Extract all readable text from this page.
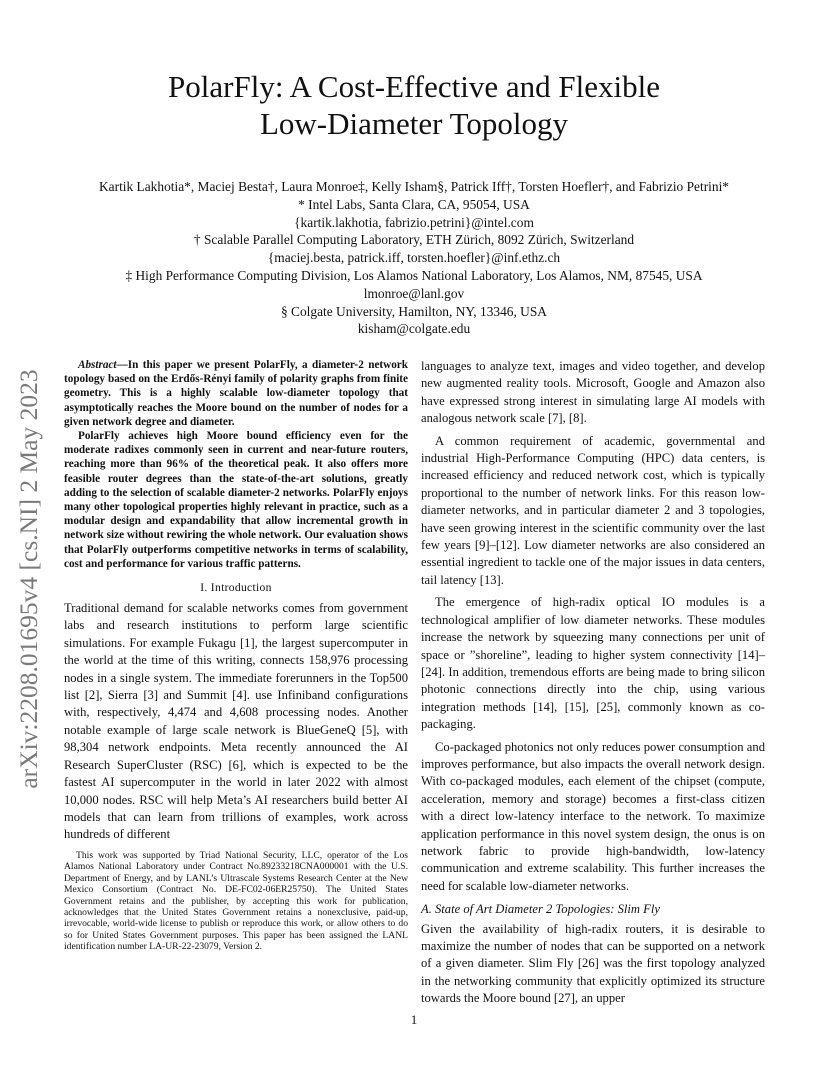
PolarFly: A Cost-Effective and Flexible
Low-Diameter Topology
Kartik Lakhotia*, Maciej Besta†, Laura Monroe‡, Kelly Isham§, Patrick Iff†, Torsten Hoefler†, and Fabrizio Petrini*
* Intel Labs, Santa Clara, CA, 95054, USA
{kartik.lakhotia, fabrizio.petrini}@intel.com
† Scalable Parallel Computing Laboratory, ETH Zürich, 8092 Zürich, Switzerland
{maciej.besta, patrick.iff, torsten.hoefler}@inf.ethz.ch
‡ High Performance Computing Division, Los Alamos National Laboratory, Los Alamos, NM, 87545, USA
lmonroe@lanl.gov
§ Colgate University, Hamilton, NY, 13346, USA
kisham@colgate.edu
arXiv:2208.01695v4 [cs.NI] 2 May 2023

Abstract—In this paper we present PolarFly, a diameter-2 network topology based on the Erdős-Rényi family of polarity graphs from finite geometry. This is a highly scalable low-diameter topology that asymptotically reaches the Moore bound on the number of nodes for a given network degree and diameter.

PolarFly achieves high Moore bound efficiency even for the moderate radixes commonly seen in current and near-future routers, reaching more than 96% of the theoretical peak. It also offers more feasible router degrees than the state-of-the-art solutions, greatly adding to the selection of scalable diameter-2 networks. PolarFly enjoys many other topological properties highly relevant in practice, such as a modular design and expandability that allow incremental growth in network size without rewiring the whole network. Our evaluation shows that PolarFly outperforms competitive networks in terms of scalability, cost and performance for various traffic patterns.

I. Introduction

Traditional demand for scalable networks comes from government labs and research institutions to perform large scientific simulations. For example Fukagu [1], the largest supercomputer in the world at the time of this writing, connects 158,976 processing nodes in a single system. The immediate forerunners in the Top500 list [2], Sierra [3] and Summit [4]. use Infiniband configurations with, respectively, 4,474 and 4,608 processing nodes. Another notable example of large scale network is BlueGeneQ [5], with 98,304 network endpoints. Meta recently announced the AI Research SuperCluster (RSC) [6], which is expected to be the fastest AI supercomputer in the world in later 2022 with almost 10,000 nodes. RSC will help Meta’s AI researchers build better AI models that can learn from trillions of examples, work across hundreds of different

languages to analyze text, images and video together, and develop new augmented reality tools. Microsoft, Google and Amazon also have expressed strong interest in simulating large AI models with analogous network scale [7], [8].

A common requirement of academic, governmental and industrial High-Performance Computing (HPC) data centers, is increased efficiency and reduced network cost, which is typically proportional to the number of network links. For this reason low-diameter networks, and in particular diameter 2 and 3 topologies, have seen growing interest in the scientific community over the last few years [9]–[12]. Low diameter networks are also considered an essential ingredient to tackle one of the major issues in data centers, tail latency [13].

The emergence of high-radix optical IO modules is a technological amplifier of low diameter networks. These modules increase the network by squeezing many connections per unit of space or ”shoreline”, leading to higher system connectivity [14]–[24]. In addition, tremendous efforts are being made to bring silicon photonic connections directly into the chip, using various integration methods [14], [15], [25], commonly known as co-packaging.

Co-packaged photonics not only reduces power consumption and improves performance, but also impacts the overall network design. With co-packaged modules, each element of the chipset (compute, acceleration, memory and storage) becomes a first-class citizen with a direct low-latency interface to the network. To maximize application performance in this novel system design, the onus is on network fabric to provide high-bandwidth, low-latency communication and extreme scalability. This further increases the need for scalable low-diameter networks.

A. State of Art Diameter 2 Topologies: Slim Fly

Given the availability of high-radix routers, it is desirable to maximize the number of nodes that can be supported on a network of a given diameter. Slim Fly [26] was the first topology analyzed in the networking community that explicitly optimized its structure towards the Moore bound [27], an upper

This work was supported by Triad National Security, LLC, operator of the Los Alamos National Laboratory under Contract No.89233218CNA000001 with the U.S. Department of Energy, and by LANL’s Ultrascale Systems Research Center at the New Mexico Consortium (Contract No. DE-FC02-06ER25750). The United States Government retains and the publisher, by accepting this work for publication, acknowledges that the United States Government retains a nonexclusive, paid-up, irrevocable, world-wide license to publish or reproduce this work, or allow others to do so for United States Government purposes. This paper has been assigned the LANL identification number LA-UR-22-23079, Version 2.
1
